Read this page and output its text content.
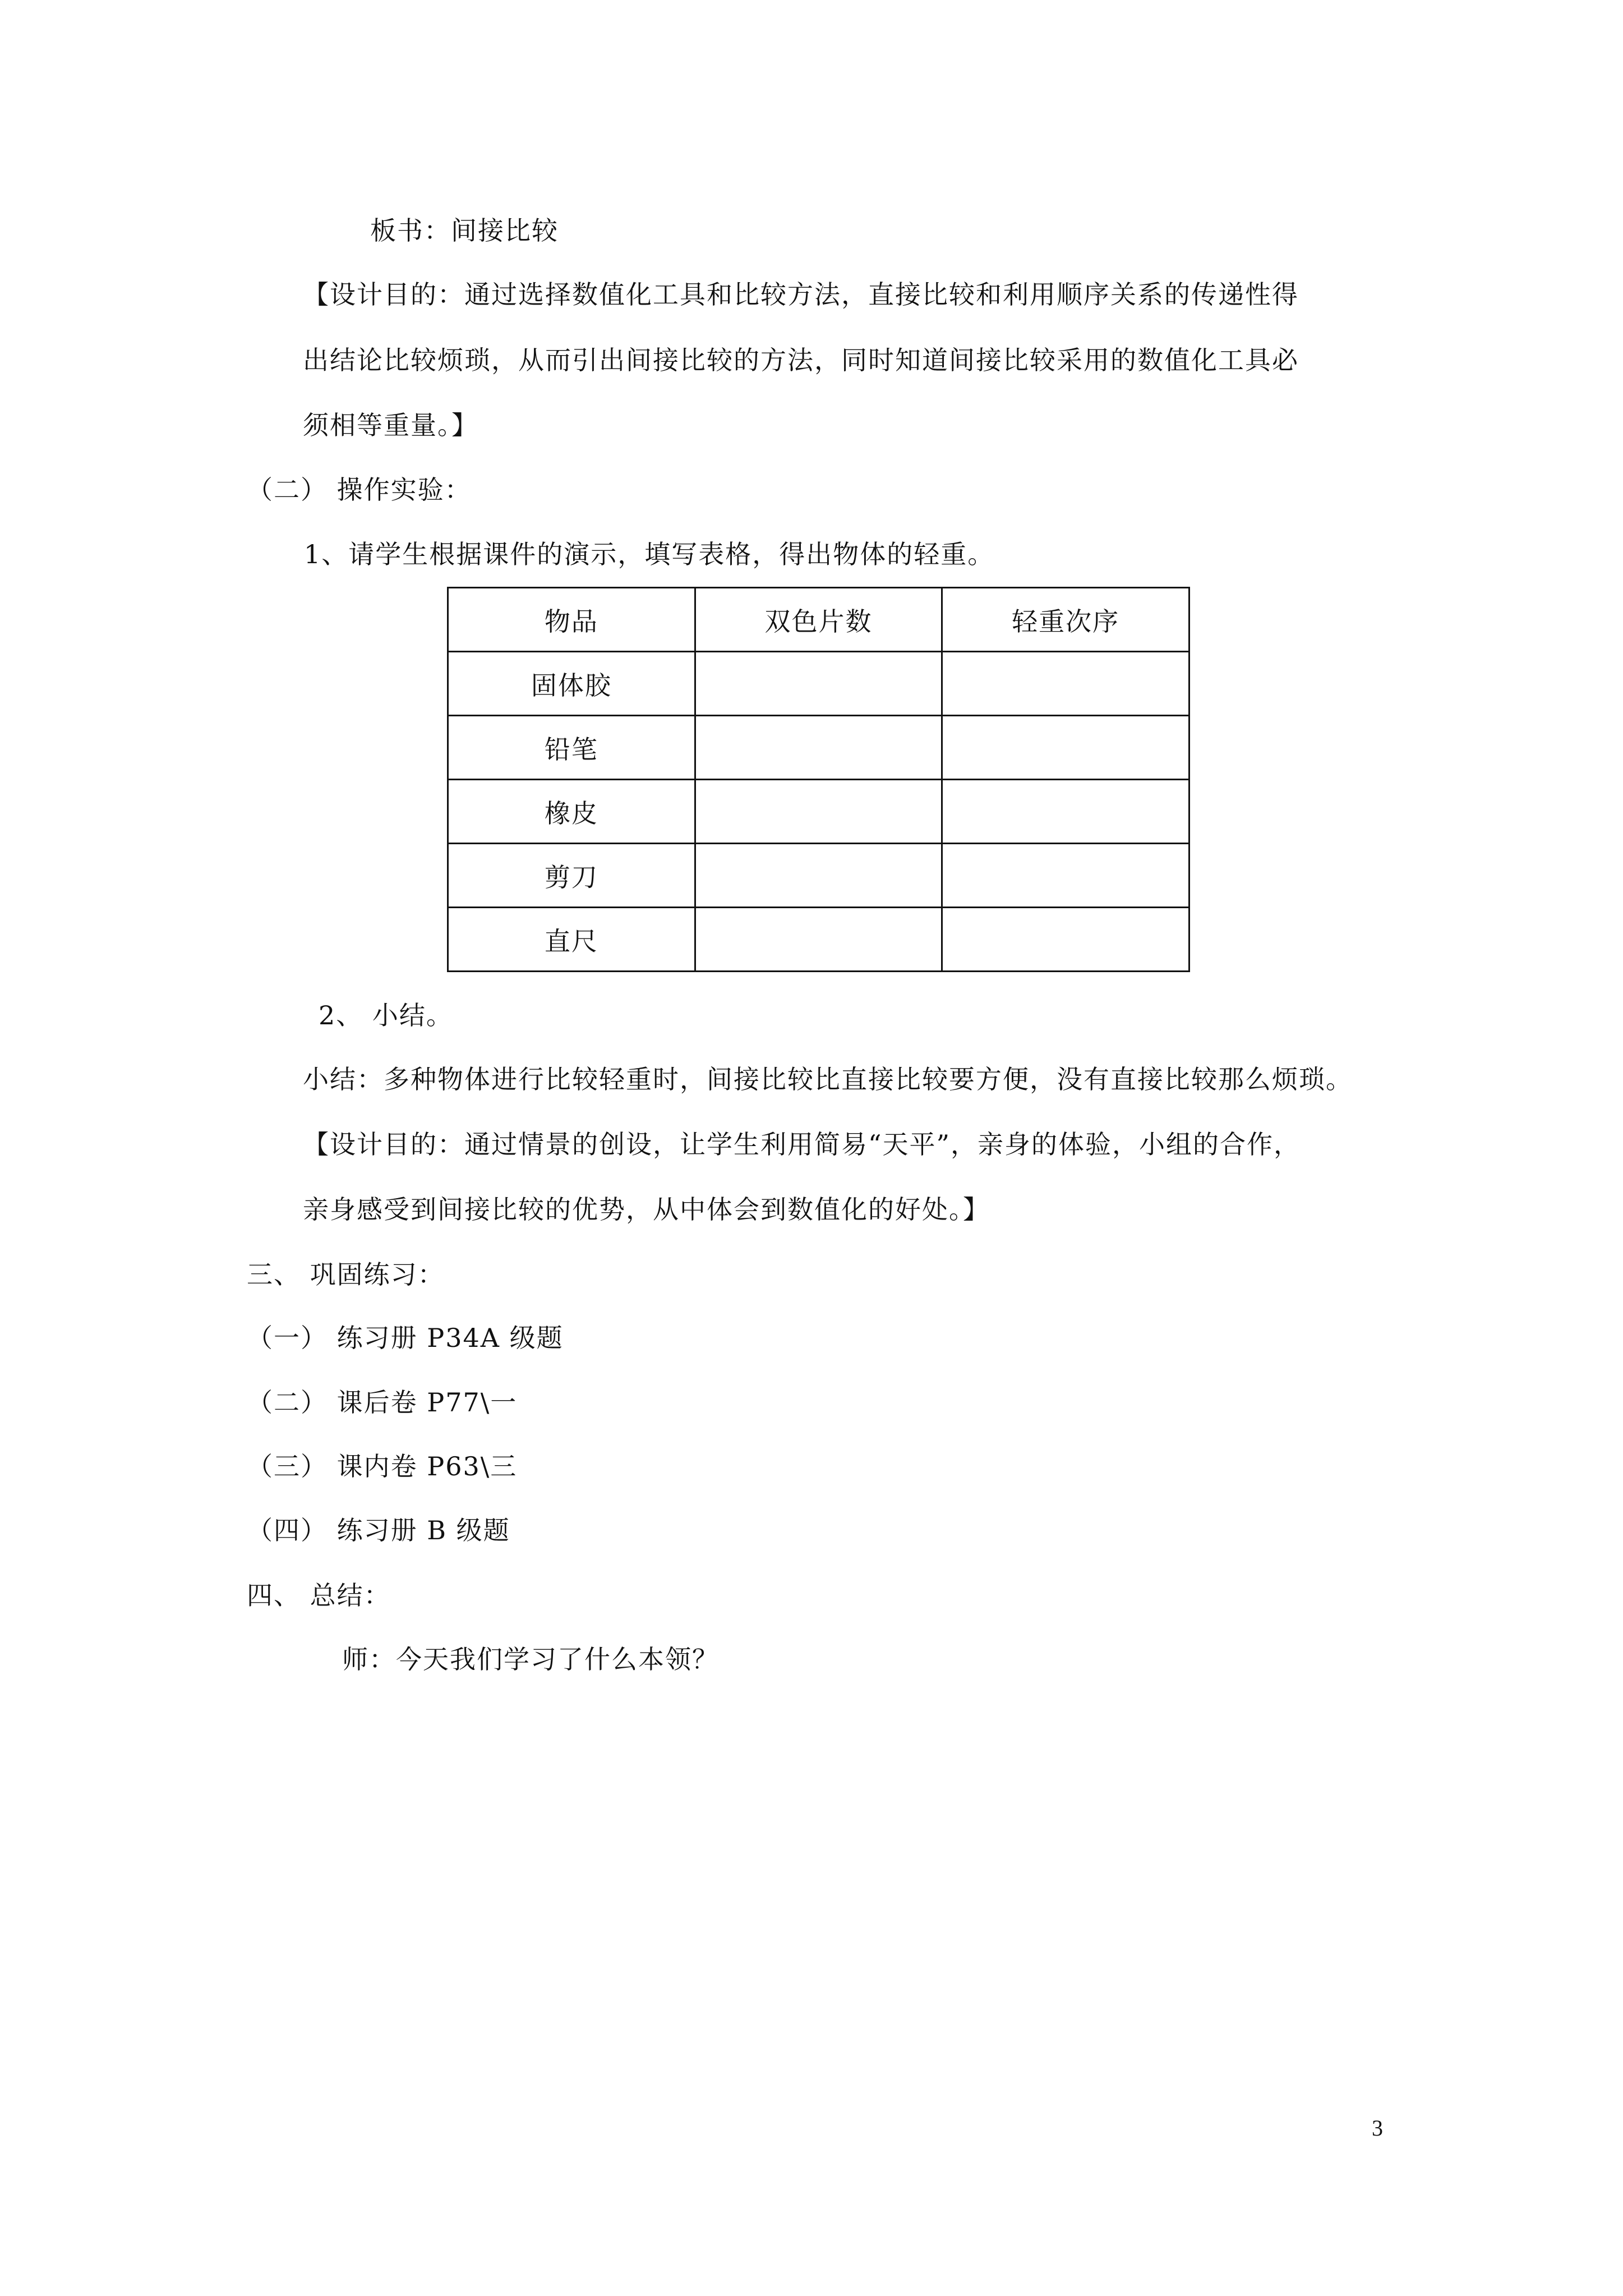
板书：间接比较
【设计目的：通过选择数值化工具和比较方法，直接比较和利用顺序关系的传递性得
出结论比较烦琐，从而引出间接比较的方法，同时知道间接比较采用的数值化工具必
须相等重量。】
（二） 操作实验：
1、请学生根据课件的演示，填写表格，得出物体的轻重。
物品	双色片数	轻重次序
固体胶		
铅笔		
橡皮		
剪刀		
直尺		
2、 小结。
小结：多种物体进行比较轻重时，间接比较比直接比较要方便，没有直接比较那么烦琐。
【设计目的：通过情景的创设，让学生利用简易“天平”，亲身的体验，小组的合作，
亲身感受到间接比较的优势，从中体会到数值化的好处。】
三、 巩固练习：
（一） 练习册 P34A 级题
（二） 课后卷 P77\一
（三） 课内卷 P63\三
（四） 练习册 B 级题
四、 总结：
师：今天我们学习了什么本领？
3
